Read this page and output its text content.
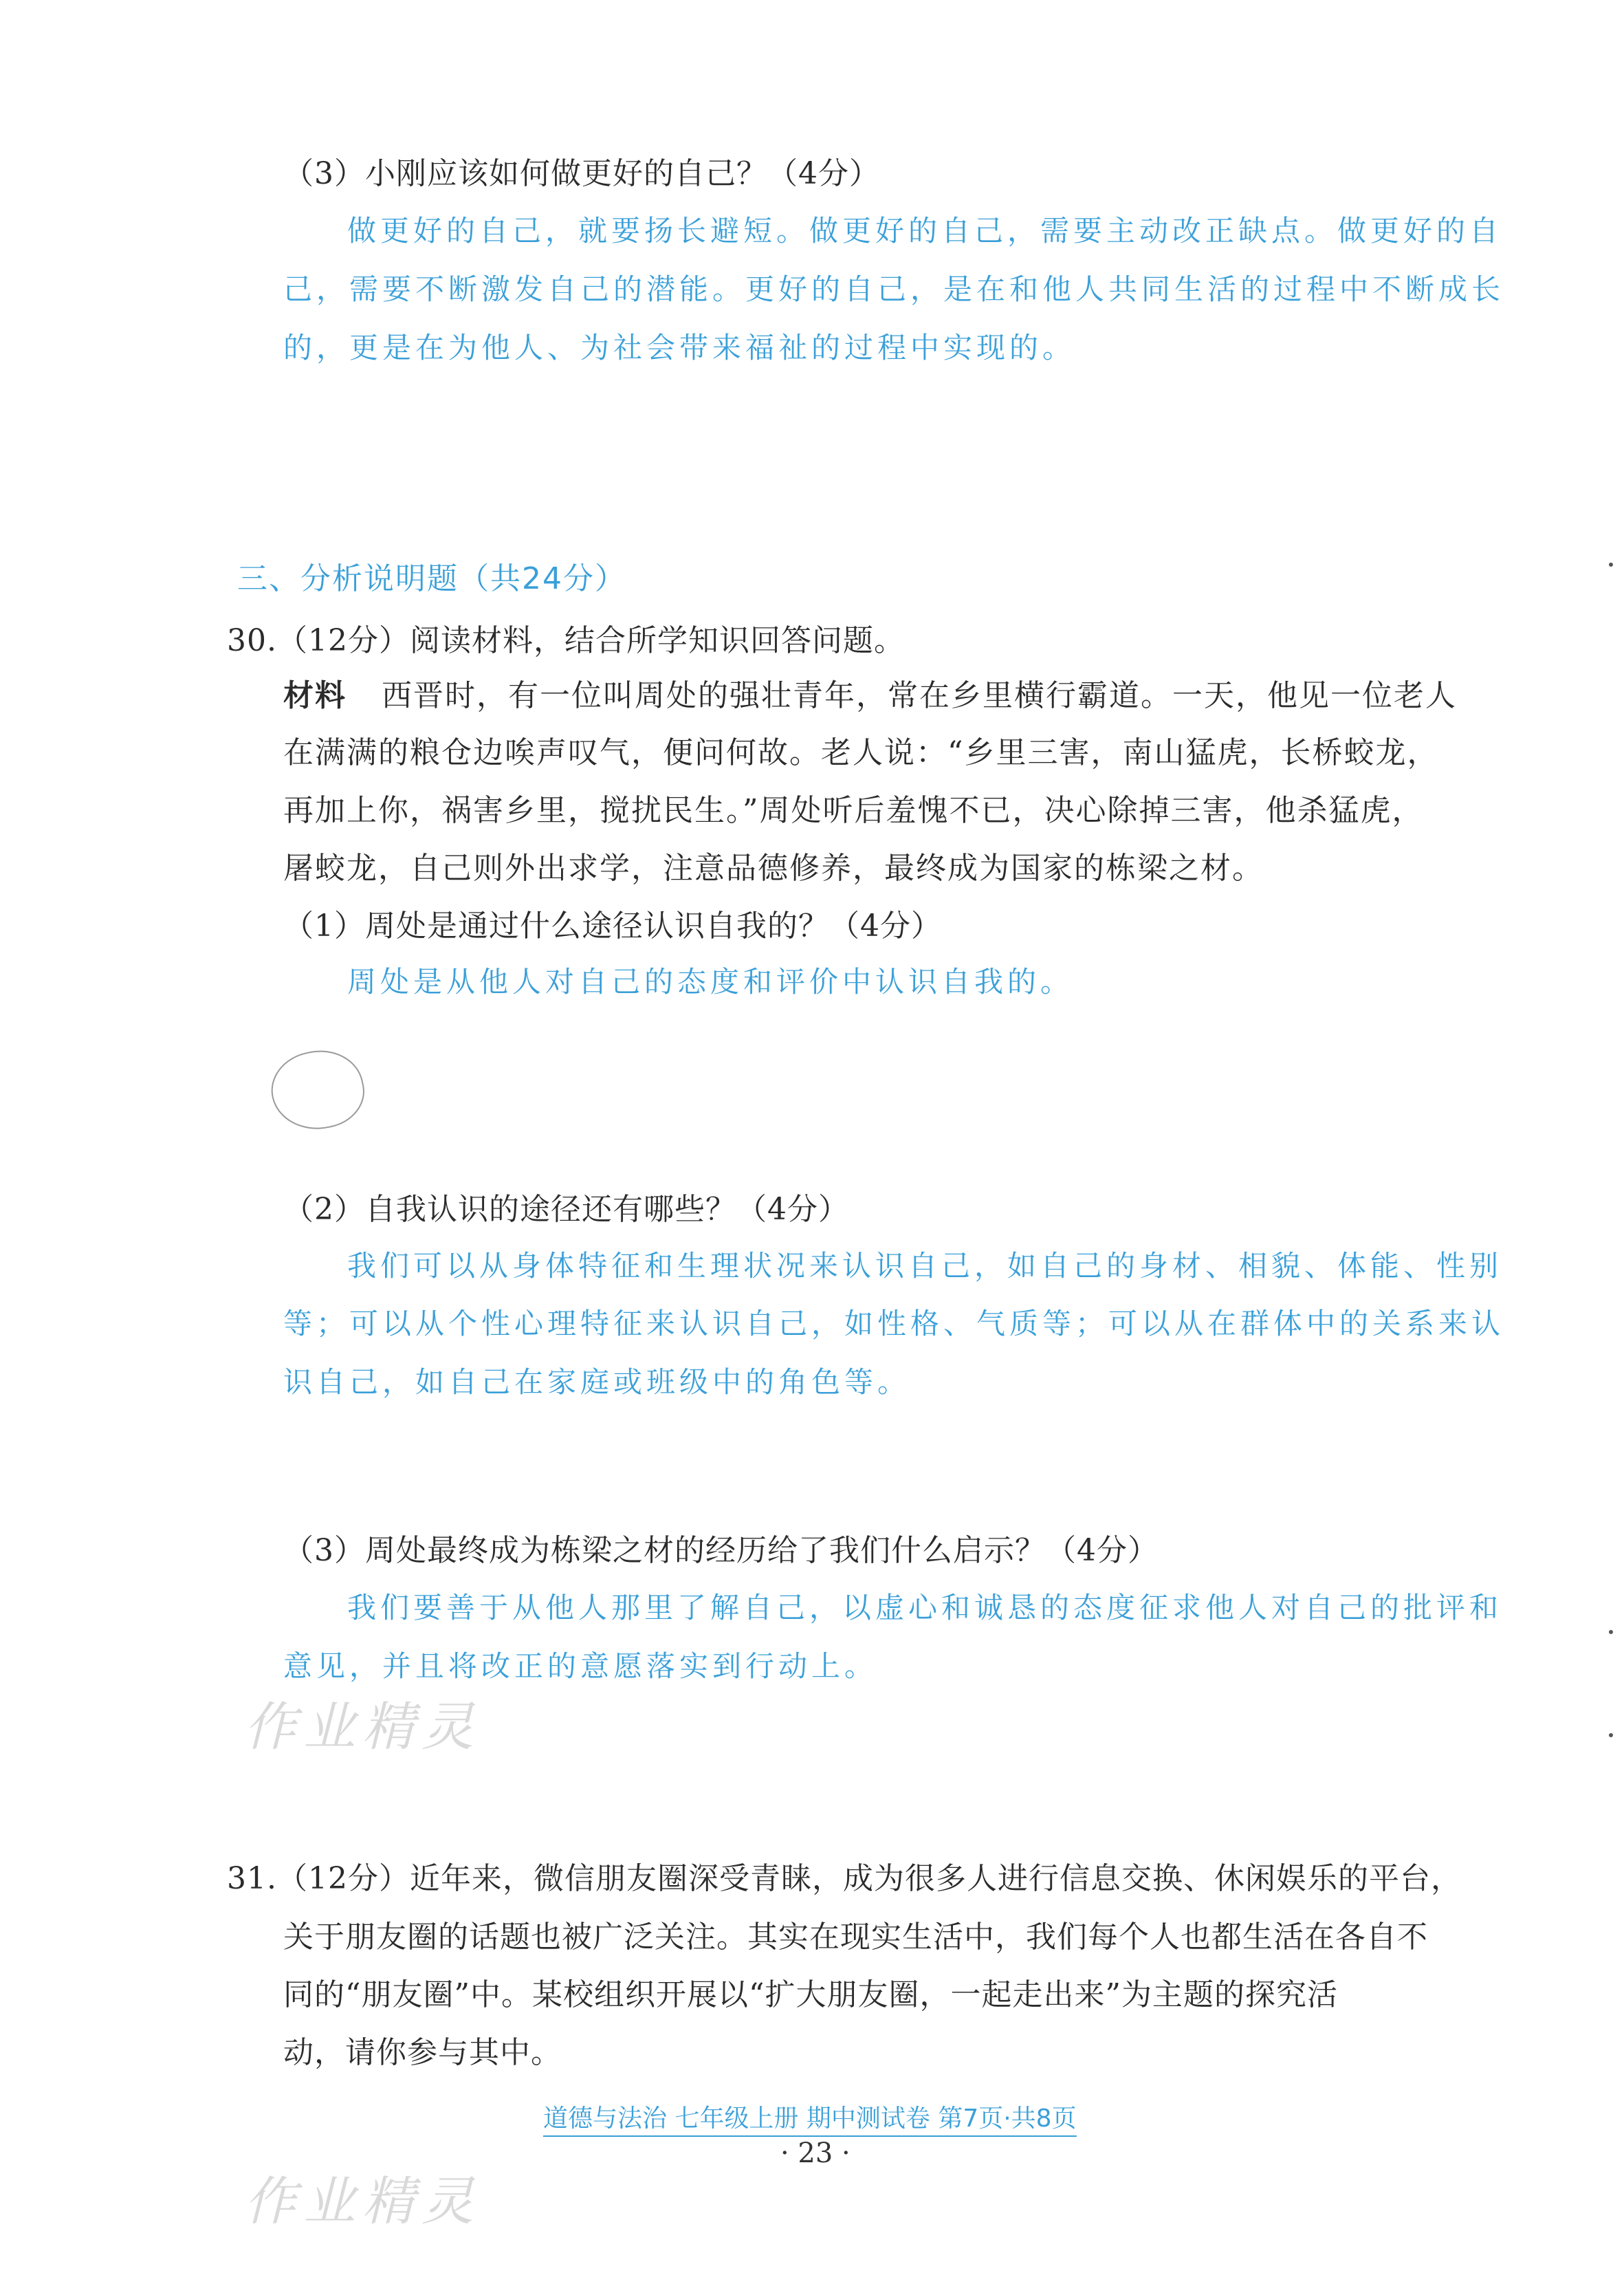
（3）小刚应该如何做更好的自己？（4分）
做更好的自己，就要扬长避短。做更好的自己，需要主动改正缺点。做更好的自
己，需要不断激发自己的潜能。更好的自己，是在和他人共同生活的过程中不断成长
的，更是在为他人、为社会带来福祉的过程中实现的。
三、分析说明题（共24分）
30.（12分）阅读材料，结合所学知识回答问题。
材料 西晋时，有一位叫周处的强壮青年，常在乡里横行霸道。一天，他见一位老人
在满满的粮仓边唉声叹气，便问何故。老人说：“乡里三害，南山猛虎，长桥蛟龙，
再加上你，祸害乡里，搅扰民生。”周处听后羞愧不已，决心除掉三害，他杀猛虎，
屠蛟龙，自己则外出求学，注意品德修养，最终成为国家的栋梁之材。
（1）周处是通过什么途径认识自我的？（4分）
周处是从他人对自己的态度和评价中认识自我的。
（2）自我认识的途径还有哪些？（4分）
我们可以从身体特征和生理状况来认识自己，如自己的身材、相貌、体能、性别
等；可以从个性心理特征来认识自己，如性格、气质等；可以从在群体中的关系来认
识自己，如自己在家庭或班级中的角色等。
（3）周处最终成为栋梁之材的经历给了我们什么启示？（4分）
我们要善于从他人那里了解自己，以虚心和诚恳的态度征求他人对自己的批评和
意见，并且将改正的意愿落实到行动上。
作业精灵
31.（12分）近年来，微信朋友圈深受青睐，成为很多人进行信息交换、休闲娱乐的平台，
关于朋友圈的话题也被广泛关注。其实在现实生活中，我们每个人也都生活在各自不
同的“朋友圈”中。某校组织开展以“扩大朋友圈，一起走出来”为主题的探究活
动，请你参与其中。
道德与法治 七年级上册 期中测试卷 第7页·共8页
· 23 ·
作业精灵
